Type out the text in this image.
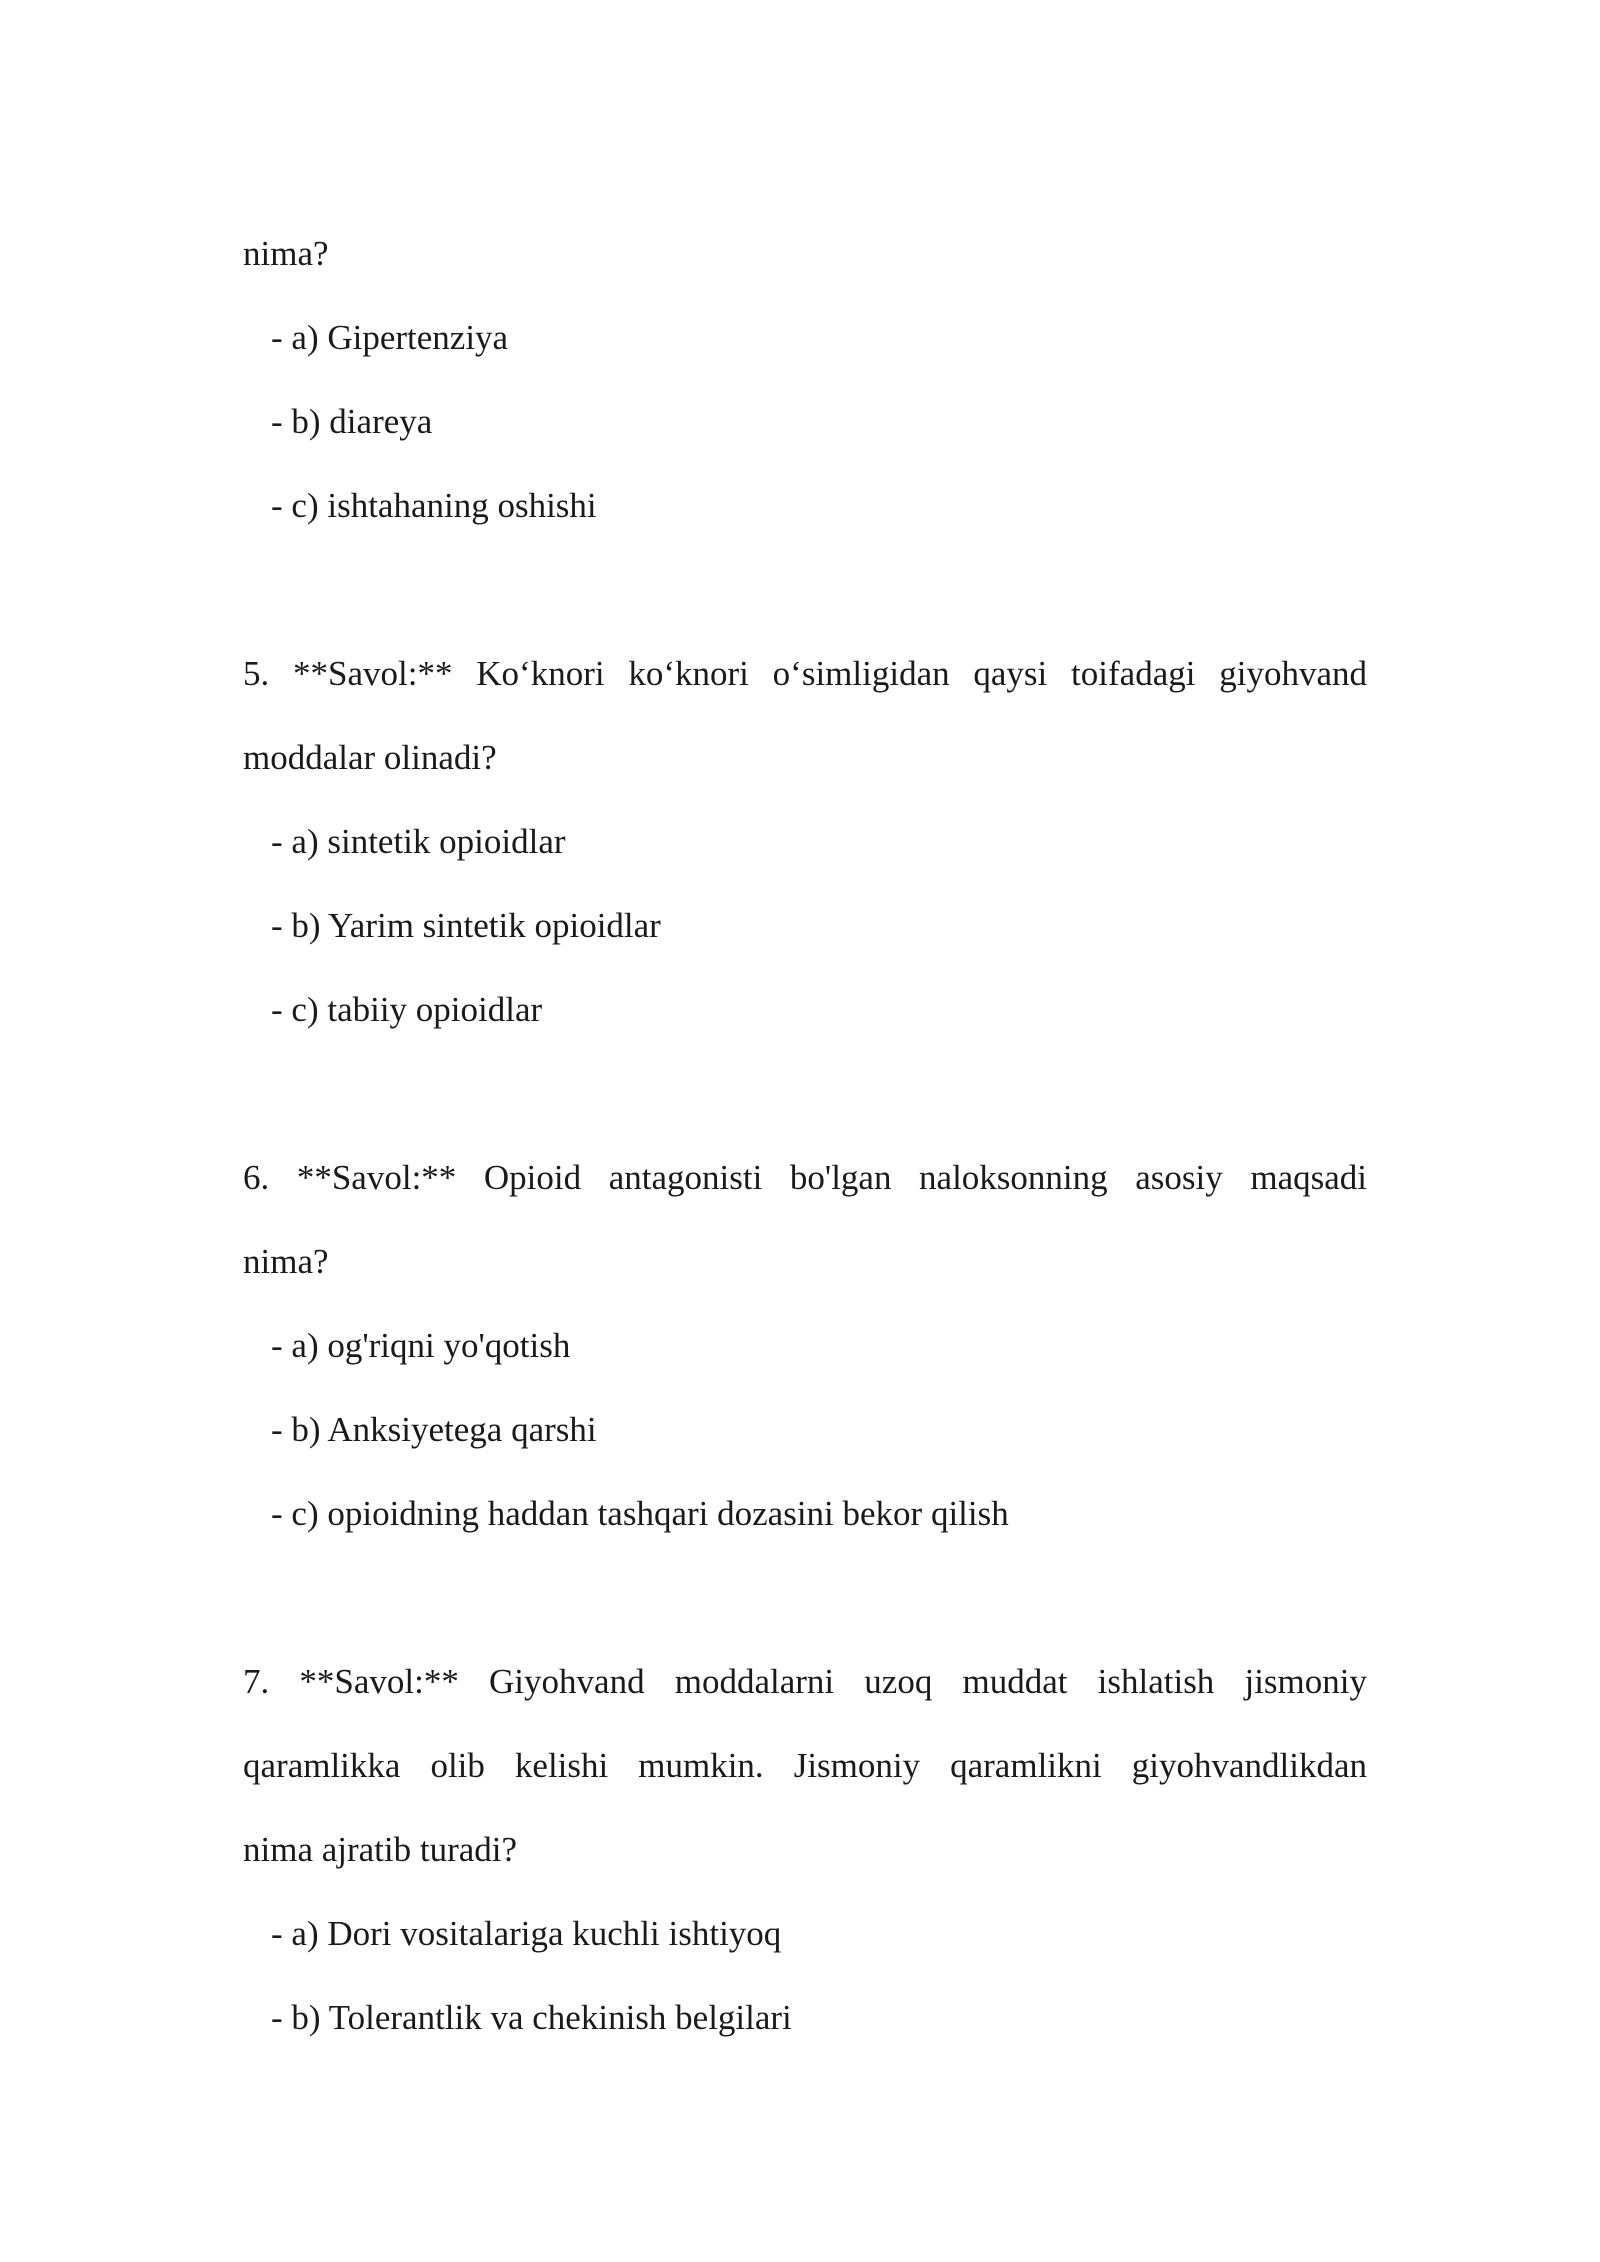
nima?
- a) Gipertenziya
- b) diareya
- c) ishtahaning oshishi
5. **Savol:** Ko‘knori ko‘knori o‘simligidan qaysi toifadagi giyohvand
moddalar olinadi?
- a) sintetik opioidlar
- b) Yarim sintetik opioidlar
- c) tabiiy opioidlar
6. **Savol:** Opioid antagonisti bo'lgan naloksonning asosiy maqsadi
nima?
- a) og'riqni yo'qotish
- b) Anksiyetega qarshi
- c) opioidning haddan tashqari dozasini bekor qilish
7. **Savol:** Giyohvand moddalarni uzoq muddat ishlatish jismoniy
qaramlikka olib kelishi mumkin. Jismoniy qaramlikni giyohvandlikdan
nima ajratib turadi?
- a) Dori vositalariga kuchli ishtiyoq
- b) Tolerantlik va chekinish belgilari
